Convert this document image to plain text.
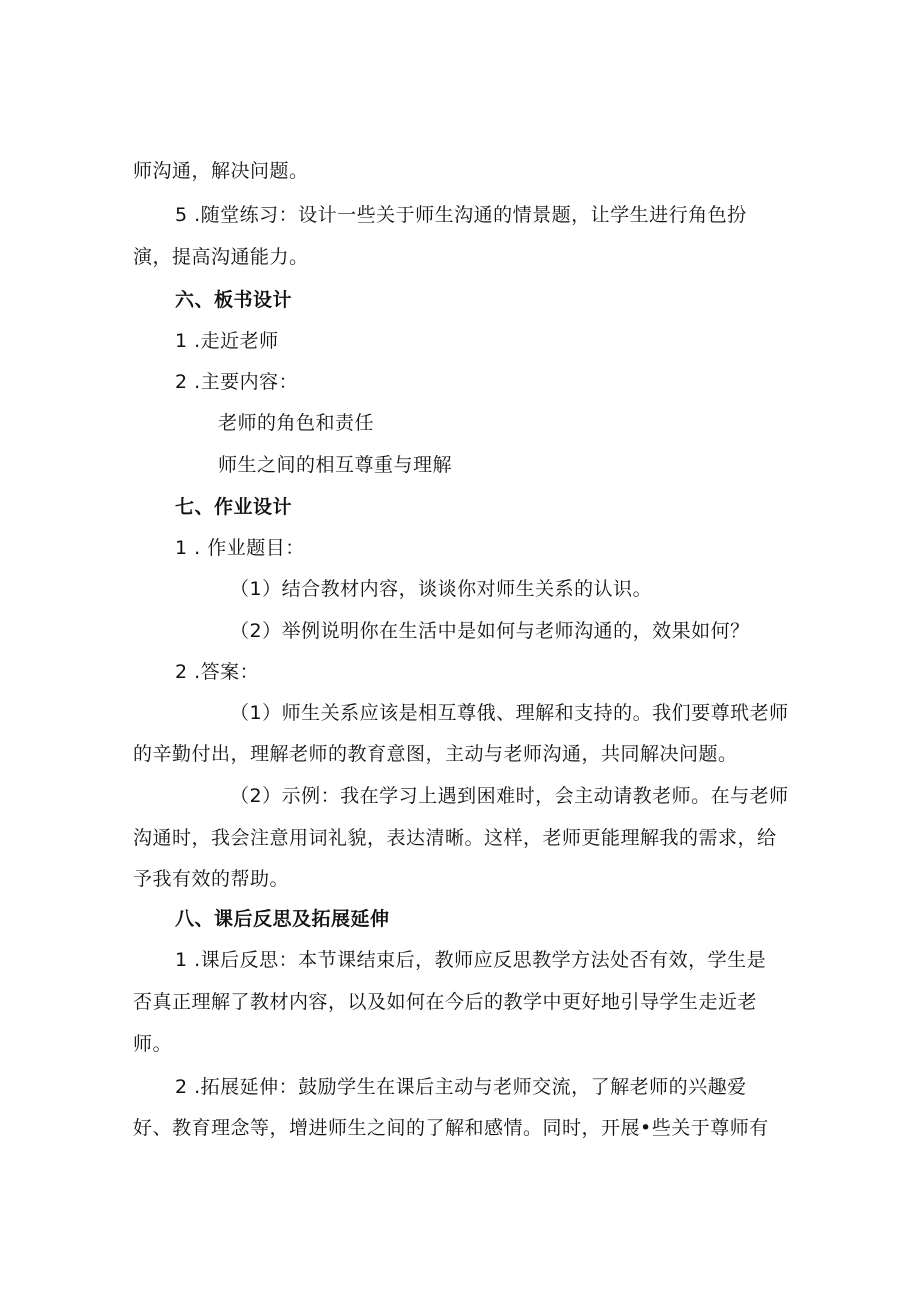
师沟通，解决问题。
5 .随堂练习：设计一些关于师生沟通的情景题，让学生进行角色扮
演，提高沟通能力。
六、板书设计
1 .走近老师
2 .主要内容：
老师的角色和责任
师生之间的相互尊重与理解
七、作业设计
1 . 作业题目：
（1）结合教材内容，谈谈你对师生关系的认识。
（2）举例说明你在生活中是如何与老师沟通的，效果如何？
2 .答案：
（1）师生关系应该是相互尊俄、理解和支持的。我们要尊玳老师
的辛勤付出，理解老师的教育意图，主动与老师沟通，共同解决问题。
（2）示例：我在学习上遇到困难时，会主动请教老师。在与老师
沟通时，我会注意用词礼貌，表达清晰。这样，老师更能理解我的需求，给
予我有效的帮助。
八、课后反思及拓展延伸
1 .课后反思：本节课结束后，教师应反思教学方法处否有效，学生是
否真正理解了教材内容，以及如何在今后的教学中更好地引导学生走近老
师。
2 .拓展延伸：鼓励学生在课后主动与老师交流，了解老师的兴趣爱
好、教育理念等，增进师生之间的了解和感情。同时，开展•些关于尊师有
